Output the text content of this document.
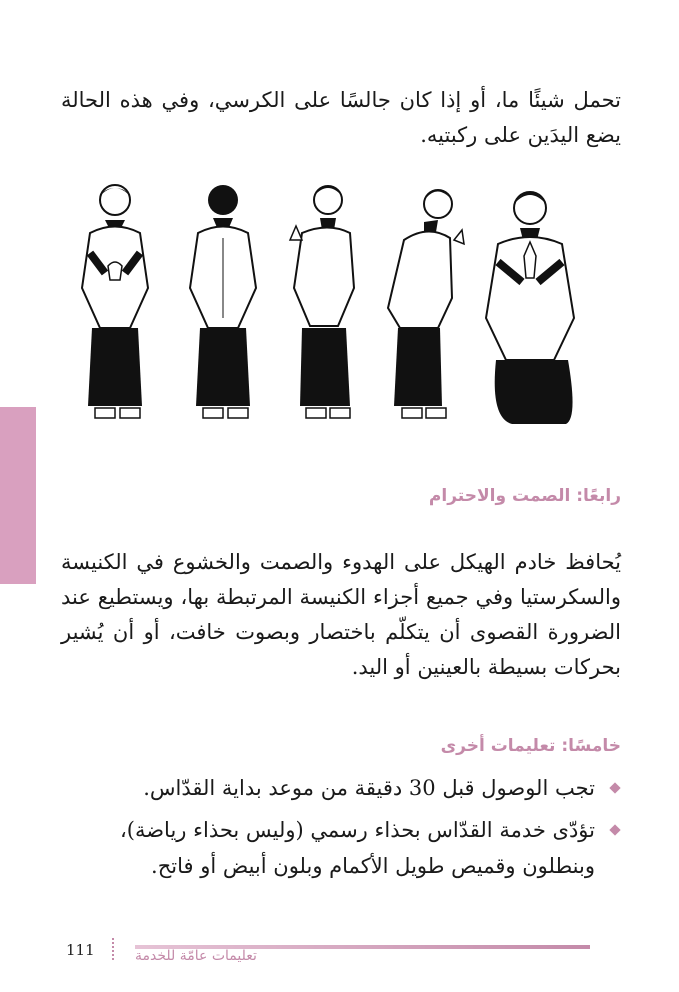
تحمل شيئًا ما، أو إذا كان جالسًا على الكرسي، وفي هذه الحالة يضع اليدَين على ركبتيه.

رابعًا: الصمت والاحترام

يُحافظ خادم الهيكل على الهدوء والصمت والخشوع في الكنيسة والسكرستيا وفي جميع أجزاء الكنيسة المرتبطة بها، ويستطيع عند الضرورة القصوى أن يتكلّم باختصار وبصوت خافت، أو أن يُشير بحركات بسيطة بالعينين أو اليد.

خامسًا: تعليمات أخرى
تجب الوصول قبل 30 دقيقة من موعد بداية القدّاس.
تؤدّى خدمة القدّاس بحذاء رسمي (وليس بحذاء رياضة)، وبنطلون وقميص طويل الأكمام وبلون أبيض أو فاتح.
تعليمات عامّة للخدمة
111
